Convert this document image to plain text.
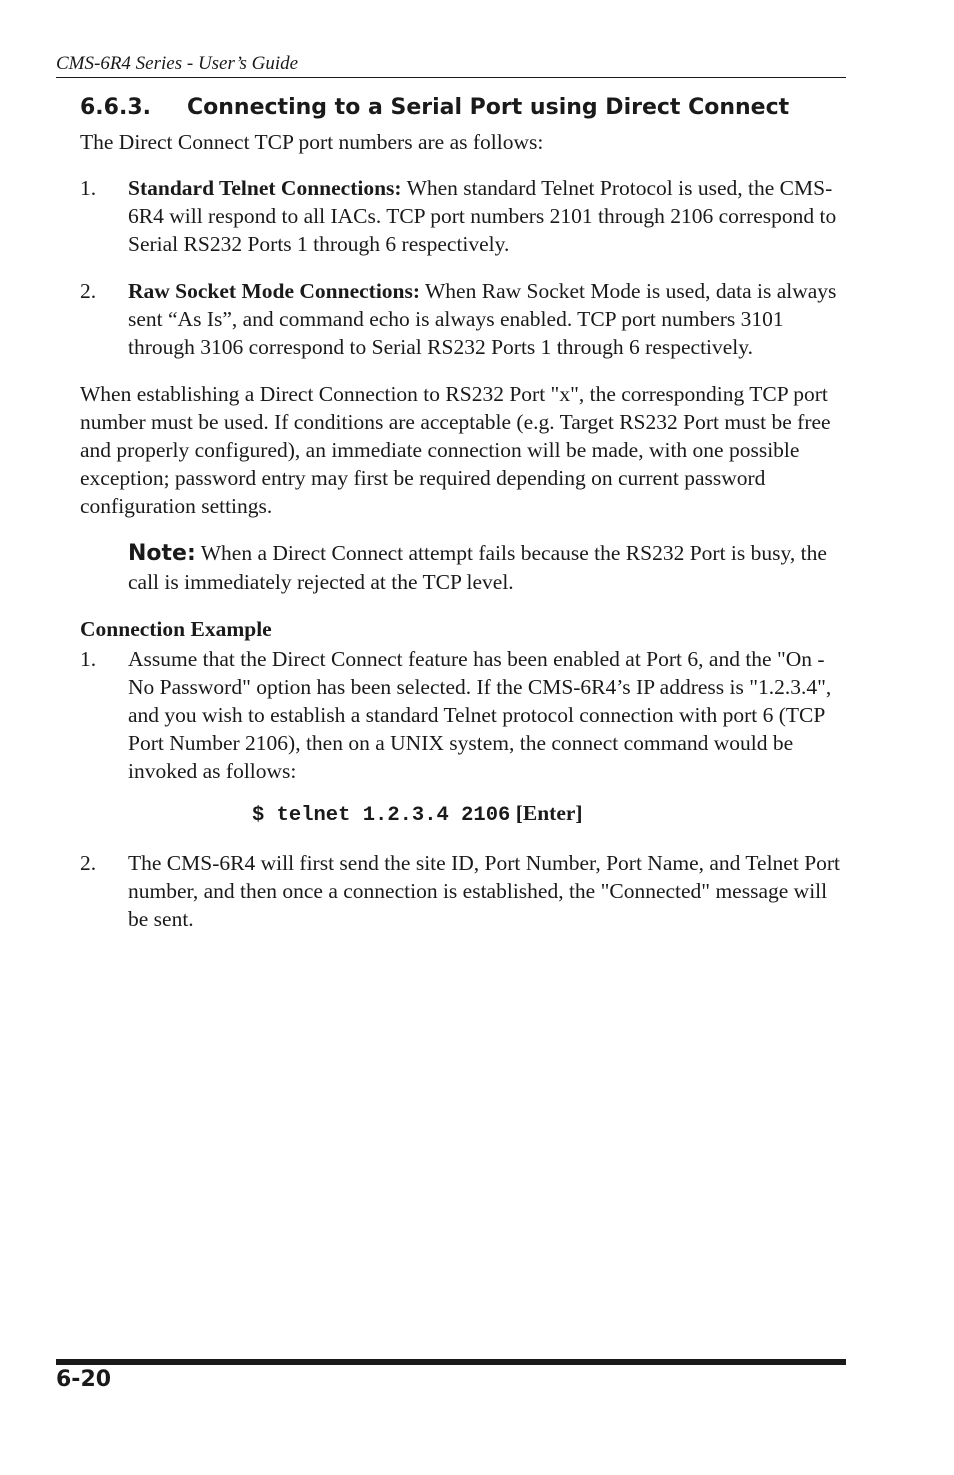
CMS-6R4 Series - User’s Guide
6.6.3. Connecting to a Serial Port using Direct Connect

The Direct Connect TCP port numbers are as follows:

1. Standard Telnet Connections: When standard Telnet Protocol is used, the CMS-6R4 will respond to all IACs. TCP port numbers 2101 through 2106 correspond to Serial RS232 Ports 1 through 6 respectively.
2. Raw Socket Mode Connections: When Raw Socket Mode is used, data is always sent “As Is”, and command echo is always enabled. TCP port numbers 3101 through 3106 correspond to Serial RS232 Ports 1 through 6 respectively.

When establishing a Direct Connection to RS232 Port "x", the corresponding TCP port number must be used. If conditions are acceptable (e.g. Target RS232 Port must be free and properly configured), an immediate connection will be made, with one possible exception; password entry may first be required depending on current password configuration settings.

Note: When a Direct Connect attempt fails because the RS232 Port is busy, the call is immediately rejected at the TCP level.

Connection Example

1. Assume that the Direct Connect feature has been enabled at Port 6, and the "On - No Password" option has been selected. If the CMS-6R4’s IP address is "1.2.3.4", and you wish to establish a standard Telnet protocol connection with port 6 (TCP Port Number 2106), then on a UNIX system, the connect command would be invoked as follows:

$ telnet 1.2.3.4 2106 [Enter]

2. The CMS-6R4 will first send the site ID, Port Number, Port Name, and Telnet Port number, and then once a connection is established, the "Connected" message will be sent.
6-20
